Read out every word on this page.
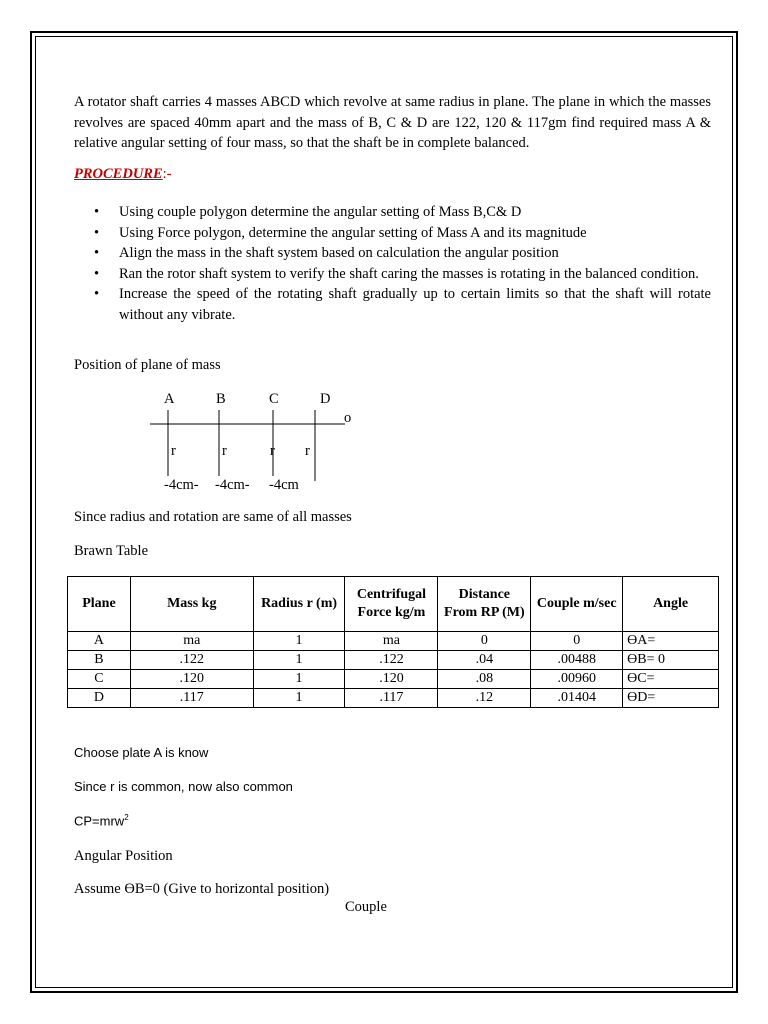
A rotator shaft carries 4 masses ABCD which revolve at same radius in plane. The plane in which the masses revolves are spaced 40mm apart and the mass of B, C & D are 122, 120 & 117gm find required mass A & relative angular setting of four mass, so that the shaft be in complete balanced.
PROCEDURE:-
• Using couple polygon determine the angular setting of Mass B,C& D
• Using Force polygon, determine the angular setting of Mass A and its magnitude
• Align the mass in the shaft system based on calculation the angular position
• Ran the rotor shaft system to verify the shaft caring the masses is rotating in the balanced condition.
• Increase the speed of the rotating shaft gradually up to certain limits so that the shaft will rotate without any vibrate.
Position of plane of mass
A	B	C	D
o
r	r	r r
-4cm- -4cm- -4cm
Since radius and rotation are same of all masses
Brawn Table
Plane	Mass kg	Radius r (m)	Centrifugal Force kg/m	Distance From RP (M)	Couple m/sec	Angle
A	ma	1	ma	0	0	ϴA=
B	.122	1	.122	.04	.00488	ϴB= 0
C	.120	1	.120	.08	.00960	ϴC=
D	.117	1	.117	.12	.01404	ϴD=
Choose plate A is know
Since r is common, now also common
CP=mrw$^2$
Angular Position
Assume ϴB=0 (Give to horizontal position)
Couple
